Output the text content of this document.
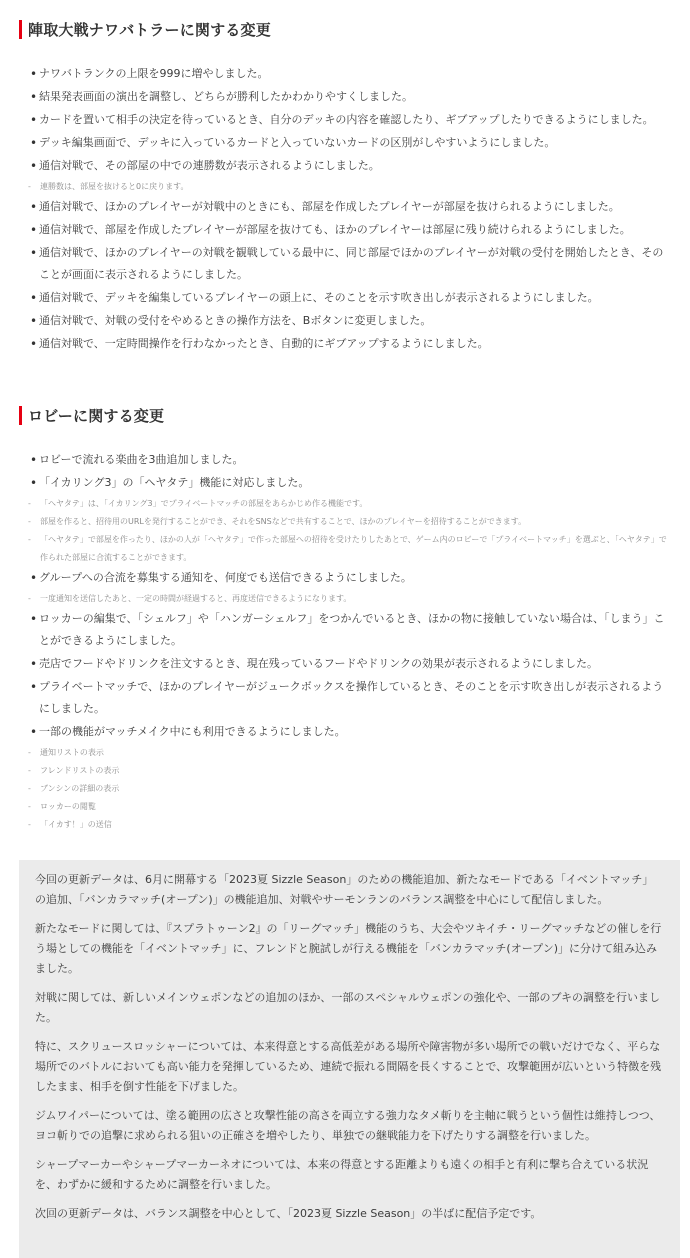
陣取大戦ナワバトラーに関する変更
• ナワバトランクの上限を999に増やしました。
• 結果発表画面の演出を調整し、どちらが勝利したかわかりやすくしました。
• カードを置いて相手の決定を待っているとき、自分のデッキの内容を確認したり、ギブアップしたりできるようにしました。
• デッキ編集画面で、デッキに入っているカードと入っていないカードの区別がしやすいようにしました。
• 通信対戦で、その部屋の中での連勝数が表示されるようにしました。
- 連勝数は、部屋を抜けると0に戻ります。
• 通信対戦で、ほかのプレイヤーが対戦中のときにも、部屋を作成したプレイヤーが部屋を抜けられるようにしました。
• 通信対戦で、部屋を作成したプレイヤーが部屋を抜けても、ほかのプレイヤーは部屋に残り続けられるようにしました。
• 通信対戦で、ほかのプレイヤーの対戦を観戦している最中に、同じ部屋でほかのプレイヤーが対戦の受付を開始したとき、そのことが画面に表示されるようにしました。
• 通信対戦で、デッキを編集しているプレイヤーの頭上に、そのことを示す吹き出しが表示されるようにしました。
• 通信対戦で、対戦の受付をやめるときの操作方法を、Bボタンに変更しました。
• 通信対戦で、一定時間操作を行わなかったとき、自動的にギブアップするようにしました。
ロビーに関する変更
• ロビーで流れる楽曲を3曲追加しました。
• 「イカリング3」の「ヘヤタテ」機能に対応しました。
- 「ヘヤタテ」は、「イカリング3」でプライベートマッチの部屋をあらかじめ作る機能です。
- 部屋を作ると、招待用のURLを発行することができ、それをSNSなどで共有することで、ほかのプレイヤーを招待することができます。
- 「ヘヤタテ」で部屋を作ったり、ほかの人が「ヘヤタテ」で作った部屋への招待を受けたりしたあとで、ゲーム内のロビーで「プライベートマッチ」を選ぶと、「ヘヤタテ」で作られた部屋に合流することができます。
• グループへの合流を募集する通知を、何度でも送信できるようにしました。
- 一度通知を送信したあと、一定の時間が経過すると、再度送信できるようになります。
• ロッカーの編集で、「シェルフ」や「ハンガーシェルフ」をつかんでいるとき、ほかの物に接触していない場合は、「しまう」ことができるようにしました。
• 売店でフードやドリンクを注文するとき、現在残っているフードやドリンクの効果が表示されるようにしました。
• プライベートマッチで、ほかのプレイヤーがジュークボックスを操作しているとき、そのことを示す吹き出しが表示されるようにしました。
• 一部の機能がマッチメイク中にも利用できるようにしました。
- 通知リストの表示
- フレンドリストの表示
- ブンシンの詳細の表示
- ロッカーの閲覧
- 「イカす！」の送信

今回の更新データは、6月に開幕する「2023夏 Sizzle Season」のための機能追加、新たなモードである「イベントマッチ」の追加、「バンカラマッチ(オープン)」の機能追加、対戦やサーモンランのバランス調整を中心にして配信しました。

新たなモードに関しては、『スプラトゥーン2』の「リーグマッチ」機能のうち、大会やツキイチ・リーグマッチなどの催しを行う場としての機能を「イベントマッチ」に、フレンドと腕試しが行える機能を「バンカラマッチ(オープン)」に分けて組み込みました。

対戦に関しては、新しいメインウェポンなどの追加のほか、一部のスペシャルウェポンの強化や、一部のブキの調整を行いました。

特に、スクリュースロッシャーについては、本来得意とする高低差がある場所や障害物が多い場所での戦いだけでなく、平らな場所でのバトルにおいても高い能力を発揮しているため、連続で振れる間隔を長くすることで、攻撃範囲が広いという特徴を残したまま、相手を倒す性能を下げました。

ジムワイパーについては、塗る範囲の広さと攻撃性能の高さを両立する強力なタメ斬りを主軸に戦うという個性は維持しつつ、ヨコ斬りでの追撃に求められる狙いの正確さを増やしたり、単独での継戦能力を下げたりする調整を行いました。

シャープマーカーやシャープマーカーネオについては、本来の得意とする距離よりも遠くの相手と有利に撃ち合えている状況を、わずかに緩和するために調整を行いました。

次回の更新データは、バランス調整を中心として、「2023夏 Sizzle Season」の半ばに配信予定です。
